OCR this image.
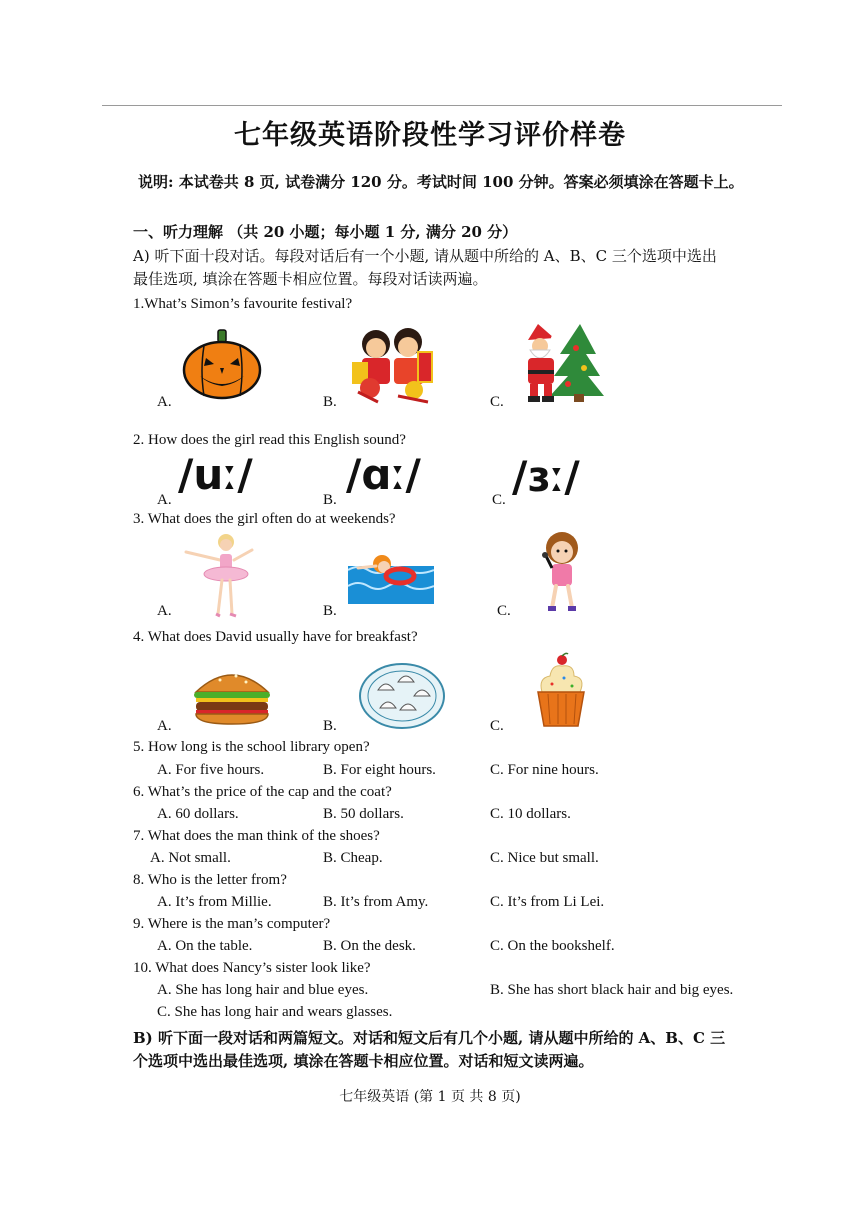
七年级英语阶段性学习评价样卷
说明: 本试卷共 8 页, 试卷满分 120 分。考试时间 100 分钟。答案必须填涂在答题卡上。
一、听力理解 （共 20 小题；每小题 1 分, 满分 20 分）
A) 听下面十段对话。每段对话后有一个小题, 请从题中所给的 A、B、C 三个选项中选出
最佳选项, 填涂在答题卡相应位置。每段对话读两遍。
1.What’s Simon’s favourite festival?
A.	B.	C.
2. How does the girl read this English sound?
A.	B.	C.
/uː/ /ɑː/ /ɜː/
3. What does the girl often do at weekends?
A.	B.	C.
4. What does David usually have for breakfast?
A.	B.	C.
5. How long is the school library open?
A. For five hours.	B. For eight hours.	C. For nine hours.
6. What’s the price of the cap and the coat?
A. 60 dollars.	B. 50 dollars.	C. 10 dollars.
7. What does the man think of the shoes?
A. Not small.	B. Cheap.	C. Nice but small.
8. Who is the letter from?
A. It’s from Millie.	B. It’s from Amy.	C. It’s from Li Lei.
9. Where is the man’s computer?
A. On the table.	B. On the desk.	C. On the bookshelf.
10. What does Nancy’s sister look like?
A. She has long hair and blue eyes.	B. She has short black hair and big eyes.
C. She has long hair and wears glasses.
B) 听下面一段对话和两篇短文。对话和短文后有几个小题, 请从题中所给的 A、B、C 三
个选项中选出最佳选项, 填涂在答题卡相应位置。对话和短文读两遍。
七年级英语 (第 1 页 共 8 页)
